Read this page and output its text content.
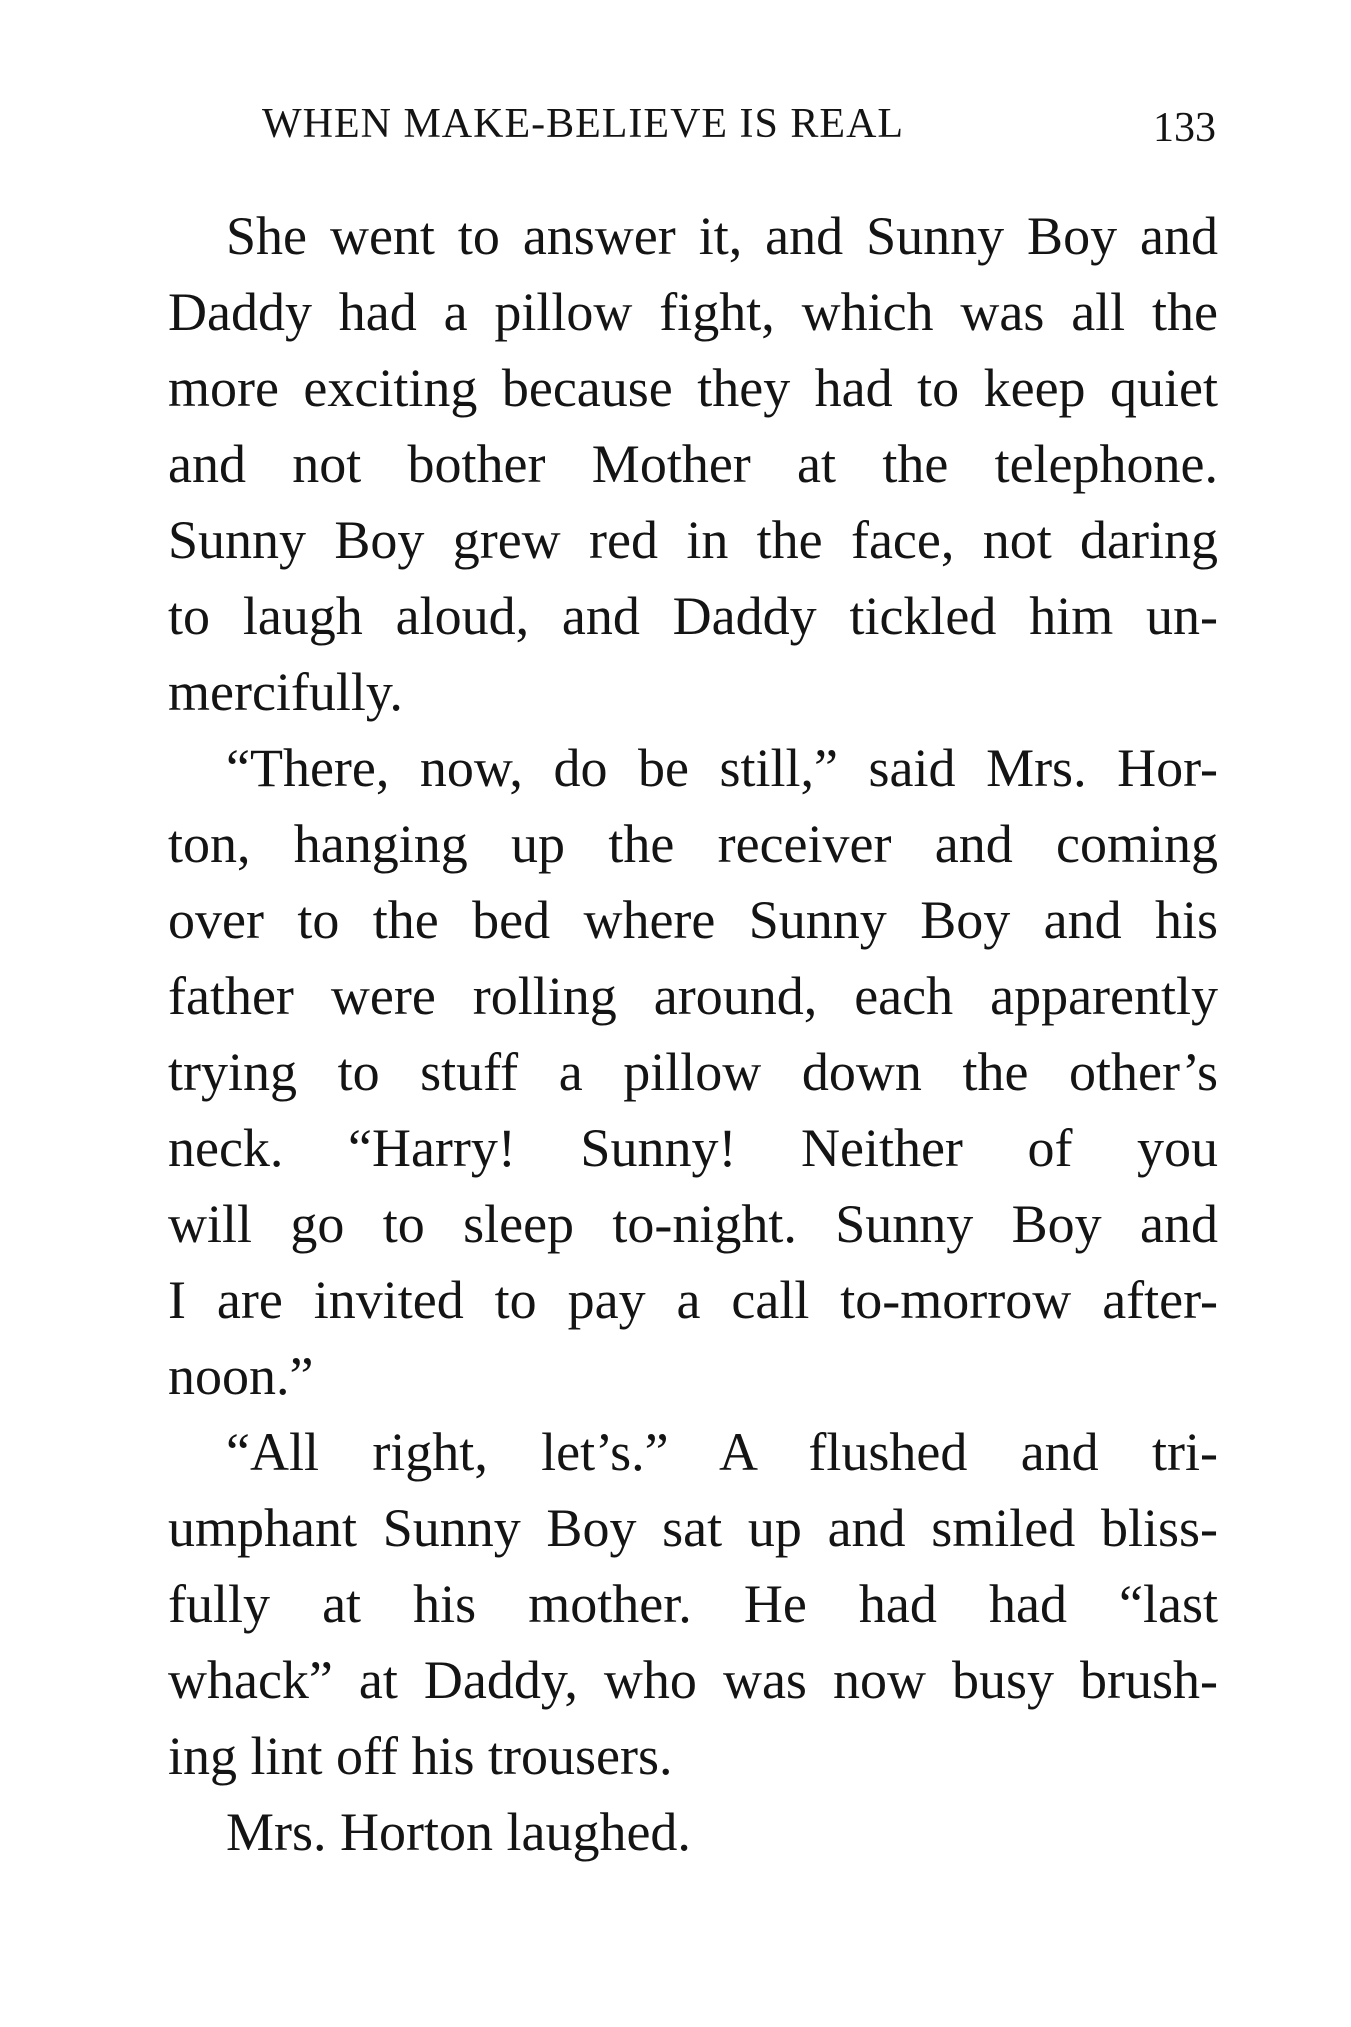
WHEN MAKE-BELIEVE IS REAL	133
She went to answer it, and Sunny Boy and
Daddy had a pillow fight, which was all the
more exciting because they had to keep quiet
and not bother Mother at the telephone.
Sunny Boy grew red in the face, not daring
to laugh aloud, and Daddy tickled him un-
mercifully.
“There, now, do be still,” said Mrs. Hor-
ton, hanging up the receiver and coming
over to the bed where Sunny Boy and his
father were rolling around, each apparently
trying to stuff a pillow down the other’s
neck. “Harry! Sunny! Neither of you
will go to sleep to-night. Sunny Boy and
I are invited to pay a call to-morrow after-
noon.”
“All right, let’s.” A flushed and tri-
umphant Sunny Boy sat up and smiled bliss-
fully at his mother. He had had “last
whack” at Daddy, who was now busy brush-
ing lint off his trousers.
Mrs. Horton laughed.
